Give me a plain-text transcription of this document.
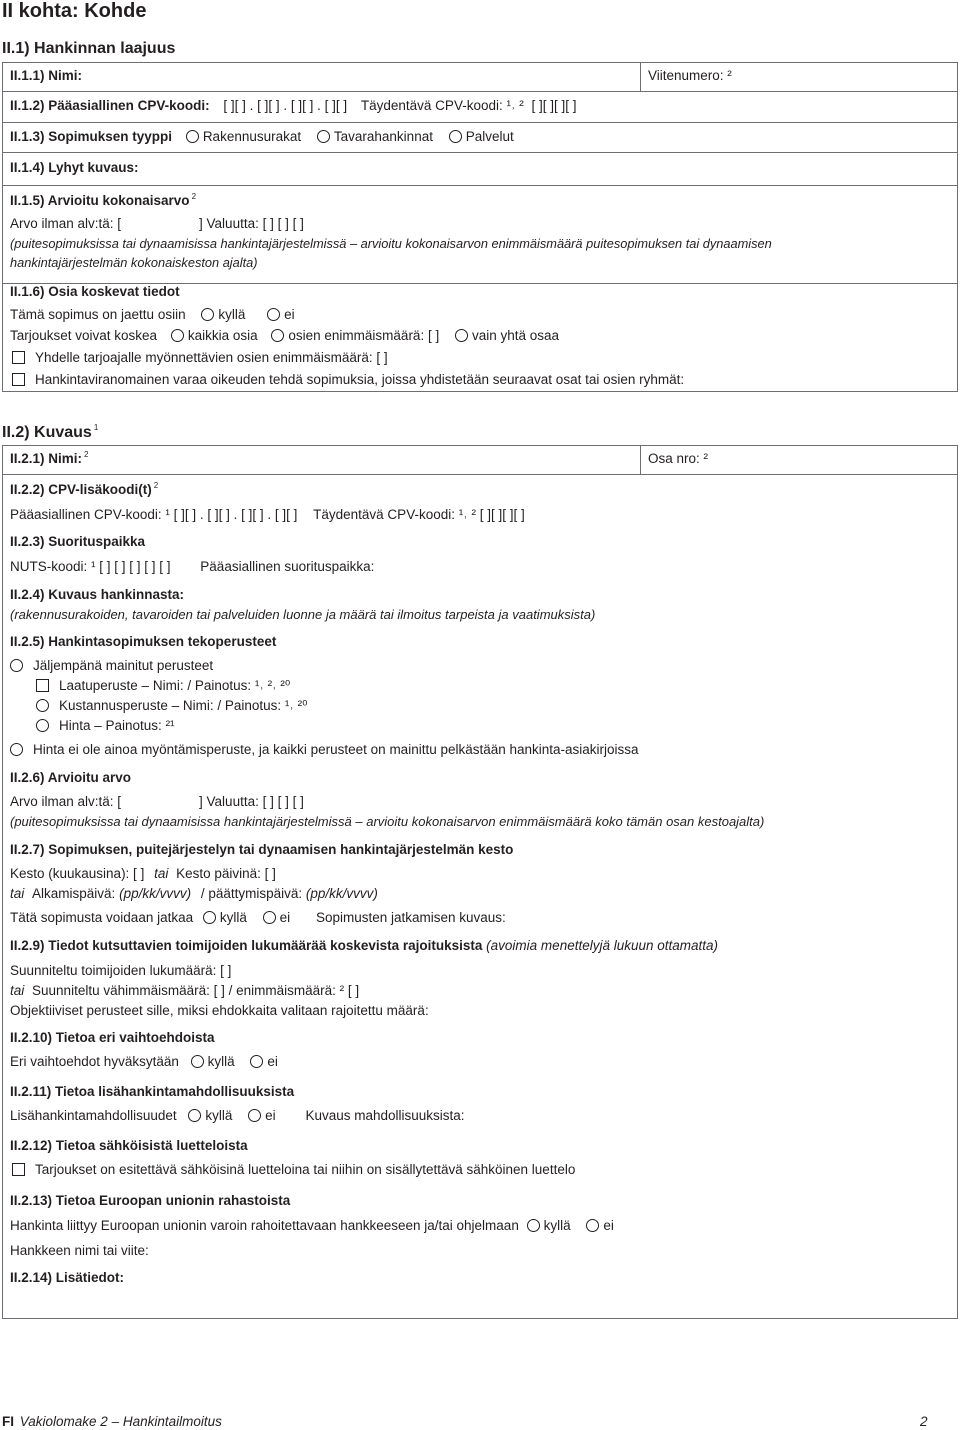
II kohta: Kohde
II.1) Hankinnan laajuus
II.1.1) Nimi:	Viitenumero: ²
II.1.2) Pääasiallinen CPV-koodi: [ ][ ] . [ ][ ] . [ ][ ] . [ ][ ] Täydentävä CPV-koodi: ¹˒ ² [ ][ ][ ][ ]
II.1.3) Sopimuksen tyyppi Rakennusurakat Tavarahankinnat Palvelut
II.1.4) Lyhyt kuvaus:
II.1.5) Arvioitu kokonaisarvo $^2$
Arvo ilman alv:tä: [	] Valuutta: [ ] [ ] [ ]
(puitesopimuksissa tai dynaamisissa hankintajärjestelmissä – arvioitu kokonaisarvon enimmäismäärä puitesopimuksen tai dynaamisen
hankintajärjestelmän kokonaiskeston ajalta)
II.1.6) Osia koskevat tiedot
Tämä sopimus on jaettu osiin kyllä	ei
Tarjoukset voivat koskea kaikkia osia osien enimmäismäärä: [ ] vain yhtä osaa
Yhdelle tarjoajalle myönnettävien osien enimmäismäärä: [ ]
Hankintaviranomainen varaa oikeuden tehdä sopimuksia, joissa yhdistetään seuraavat osat tai osien ryhmät:
II.2) Kuvaus $^1$
II.2.1) Nimi: $^2$	Osa nro: ²
II.2.2) CPV-lisäkoodi(t) $^2$
Pääasiallinen CPV-koodi: ¹ [ ][ ] . [ ][ ] . [ ][ ] . [ ][ ] Täydentävä CPV-koodi: ¹˒ ² [ ][ ][ ][ ]
II.2.3) Suorituspaikka
NUTS-koodi: ¹ [ ] [ ] [ ] [ ] [ ] Pääasiallinen suorituspaikka:
II.2.4) Kuvaus hankinnasta:
(rakennusurakoiden, tavaroiden tai palveluiden luonne ja määrä tai ilmoitus tarpeista ja vaatimuksista)
II.2.5) Hankintasopimuksen tekoperusteet
Jäljempänä mainitut perusteet
Laatuperuste – Nimi: / Painotus: ¹˒ ²˒ ²⁰
Kustannusperuste – Nimi: / Painotus: ¹˒ ²⁰
Hinta – Painotus: ²¹
Hinta ei ole ainoa myöntämisperuste, ja kaikki perusteet on mainittu pelkästään hankinta-asiakirjoissa
II.2.6) Arvioitu arvo
Arvo ilman alv:tä: [	] Valuutta: [ ] [ ] [ ]
(puitesopimuksissa tai dynaamisissa hankintajärjestelmissä – arvioitu kokonaisarvon enimmäismäärä koko tämän osan kestoajalta)
II.2.7) Sopimuksen, puitejärjestelyn tai dynaamisen hankintajärjestelmän kesto
Kesto (kuukausina): [ ] tai Kesto päivinä: [ ]
tai Alkamispäivä: (pp/kk/vvvv) / päättymispäivä: (pp/kk/vvvv)
Tätä sopimusta voidaan jatkaa kyllä ei Sopimusten jatkamisen kuvaus:
II.2.9) Tiedot kutsuttavien toimijoiden lukumäärää koskevista rajoituksista (avoimia menettelyjä lukuun ottamatta)
Suunniteltu toimijoiden lukumäärä: [ ]
tai Suunniteltu vähimmäismäärä: [ ] / enimmäismäärä: ² [ ]
Objektiiviset perusteet sille, miksi ehdokkaita valitaan rajoitettu määrä:
II.2.10) Tietoa eri vaihtoehdoista
Eri vaihtoehdot hyväksytään kyllä ei
II.2.11) Tietoa lisähankintamahdollisuuksista
Lisähankintamahdollisuudet kyllä ei Kuvaus mahdollisuuksista:
II.2.12) Tietoa sähköisistä luetteloista
Tarjoukset on esitettävä sähköisinä luetteloina tai niihin on sisällytettävä sähköinen luettelo
II.2.13) Tietoa Euroopan unionin rahastoista
Hankinta liittyy Euroopan unionin varoin rahoitettavaan hankkeeseen ja/tai ohjelmaan kyllä ei
Hankkeen nimi tai viite:
II.2.14) Lisätiedot:
FI Vakiolomake 2 – Hankintailmoitus	2
